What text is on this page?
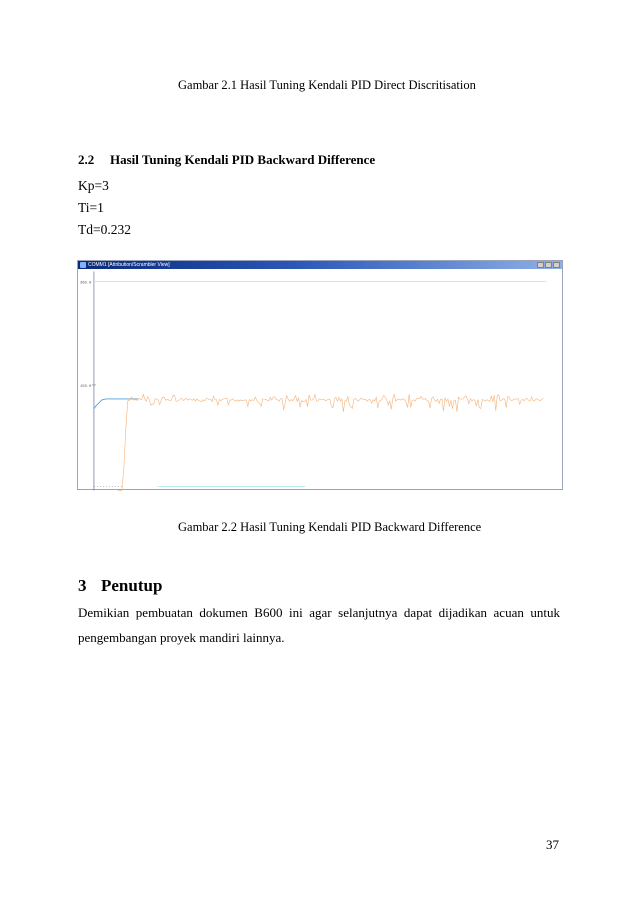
Gambar 2.1 Hasil Tuning Kendali PID Direct Discritisation
2.2 Hasil Tuning Kendali PID Backward Difference
Kp=3
Ti=1
Td=0.232
COMM1 [Attribution/Scrambler View]
360.0
150.0
Gambar 2.2 Hasil Tuning Kendali PID Backward Difference
3 Penutup
Demikian pembuatan dokumen B600 ini agar selanjutnya dapat dijadikan acuan untuk
pengembangan proyek mandiri lainnya.
37
